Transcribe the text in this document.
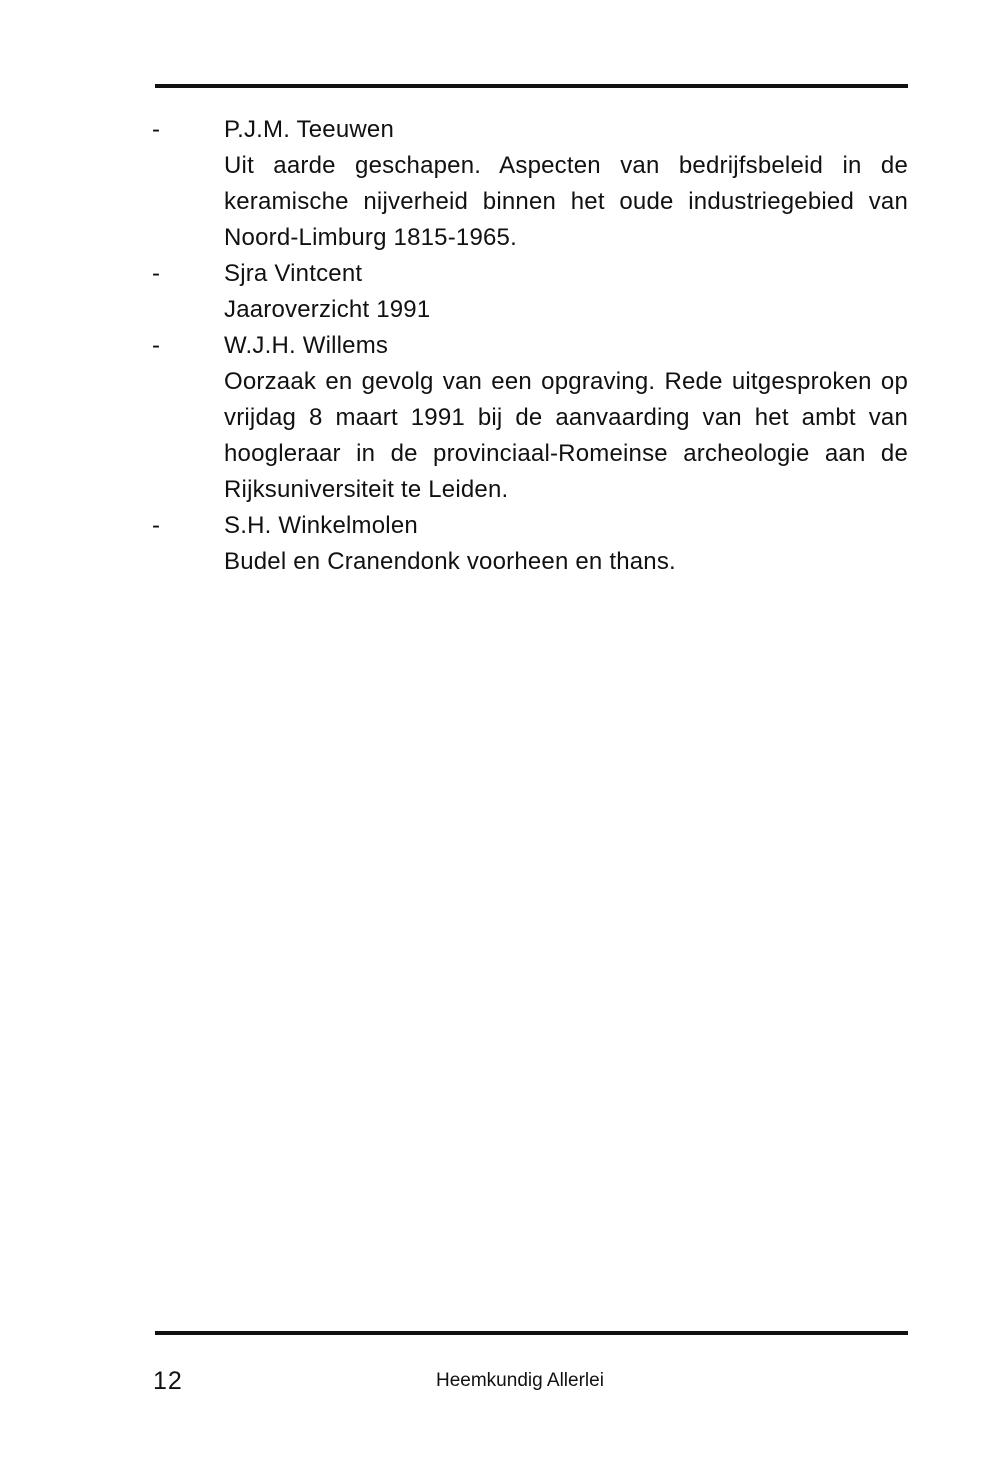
-	P.J.M. Teeuwen
Uit aarde geschapen. Aspecten van bedrijfsbeleid in de keramische nijverheid binnen het oude industriegebied van Noord-Limburg 1815-1965.
-	Sjra Vintcent
Jaaroverzicht 1991
-	W.J.H. Willems
Oorzaak en gevolg van een opgraving. Rede uitgesproken op vrijdag 8 maart 1991 bij de aanvaarding van het ambt van hoogleraar in de provinciaal-Romeinse archeologie aan de Rijksuniversiteit te Leiden.
-	S.H. Winkelmolen
Budel en Cranendonk voorheen en thans.
12	Heemkundig Allerlei
